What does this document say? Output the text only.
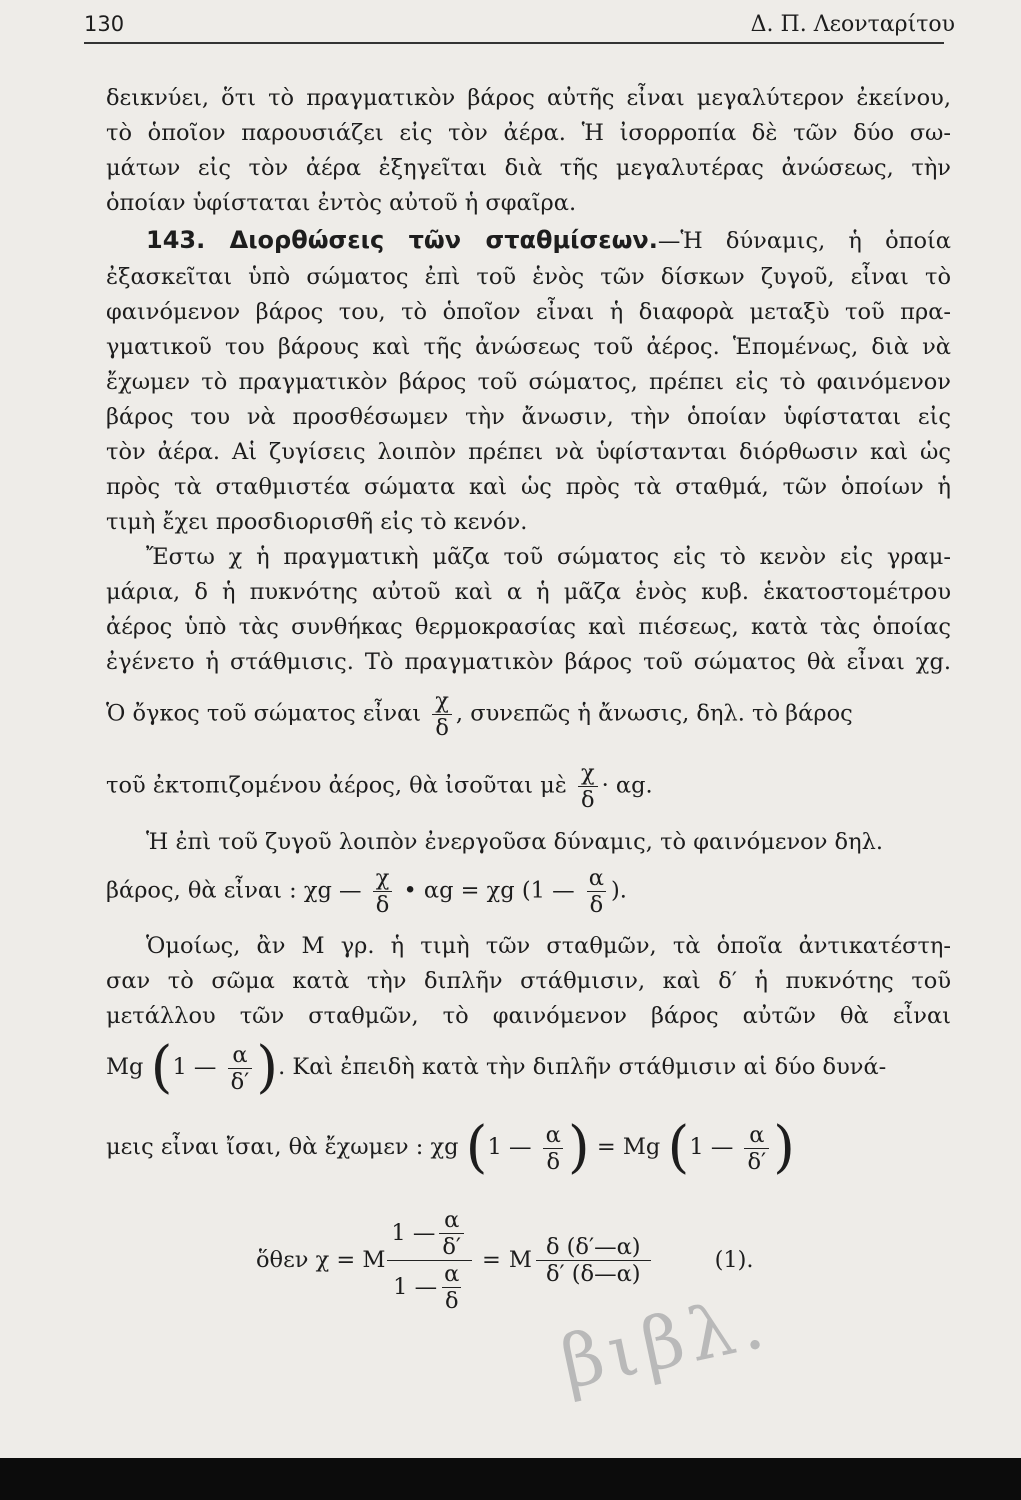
130	Δ. Π. Λεονταρίτου
δεικνύει, ὅτι τὸ πραγματικὸν βάρος αὐτῆς εἶναι μεγαλύτερον ἐκείνου,
τὸ ὁποῖον παρουσιάζει εἰς τὸν ἀέρα. Ἡ ἰσορροπία δὲ τῶν δύο σω-
μάτων εἰς τὸν ἀέρα ἐξηγεῖται διὰ τῆς μεγαλυτέρας ἀνώσεως, τὴν
ὁποίαν ὑφίσταται ἐντὸς αὐτοῦ ἡ σφαῖρα.
143. Διορθώσεις τῶν σταθμίσεων.—Ἡ δύναμις, ἡ ὁποία
ἐξασκεῖται ὑπὸ σώματος ἐπὶ τοῦ ἑνὸς τῶν δίσκων ζυγοῦ, εἶναι τὸ
φαινόμενον βάρος του, τὸ ὁποῖον εἶναι ἡ διαφορὰ μεταξὺ τοῦ πρα-
γματικοῦ του βάρους καὶ τῆς ἀνώσεως τοῦ ἀέρος. Ἑπομένως, διὰ νὰ
ἔχωμεν τὸ πραγματικὸν βάρος τοῦ σώματος, πρέπει εἰς τὸ φαινόμενον
βάρος του νὰ προσθέσωμεν τὴν ἄνωσιν, τὴν ὁποίαν ὑφίσταται εἰς
τὸν ἀέρα. Αἱ ζυγίσεις λοιπὸν πρέπει νὰ ὑφίστανται διόρθωσιν καὶ ὡς
πρὸς τὰ σταθμιστέα σώματα καὶ ὡς πρὸς τὰ σταθμά, τῶν ὁποίων ἡ
τιμὴ ἔχει προσδιορισθῆ εἰς τὸ κενόν.
Ἔστω χ ἡ πραγματικὴ μᾶζα τοῦ σώματος εἰς τὸ κενὸν εἰς γραμ-
μάρια, δ ἡ πυκνότης αὐτοῦ καὶ α ἡ μᾶζα ἑνὸς κυβ. ἑκατοστομέτρου
ἀέρος ὑπὸ τὰς συνθήκας θερμοκρασίας καὶ πιέσεως, κατὰ τὰς ὁποίας
ἐγένετο ἡ στάθμισις. Τὸ πραγματικὸν βάρος τοῦ σώματος θὰ εἶναι χg.
Ὁ ὄγκος τοῦ σώματος εἶναι $\frac{\chi}{\delta}$ , συνεπῶς ἡ ἄνωσις, δηλ. τὸ βάρος
τοῦ ἐκτοπιζομένου ἀέρος, θὰ ἰσοῦται μὲ $\frac{\chi}{\delta} \cdot \alpha g$.
Ἡ ἐπὶ τοῦ ζυγοῦ λοιπὸν ἐνεργοῦσα δύναμις, τὸ φαινόμενον δηλ.
βάρος, θὰ εἶναι : χg — $\frac{\chi}{\delta}$ • αg = χg (1 — $\frac{\alpha}{\delta}$ ).
Ὁμοίως, ἂν M γρ. ἡ τιμὴ τῶν σταθμῶν, τὰ ὁποῖα ἀντικατέστη-
σαν τὸ σῶμα κατὰ τὴν διπλῆν στάθμισιν, καὶ δ′ ἡ πυκνότης τοῦ
μετάλλου τῶν σταθμῶν, τὸ φαινόμενον βάρος αὐτῶν θὰ εἶναι
Mg (1 — $\frac{\alpha}{\delta'}$ ). Καὶ ἐπειδὴ κατὰ τὴν διπλῆν στάθμισιν αἱ δύο δυνά-
μεις εἶναι ἴσαι, θὰ ἔχωμεν : χg (1 — $\frac{\alpha}{\delta}$ ) = Mg (1 — $\frac{\alpha}{\delta'}$ )
ὅθεν χ = M 1 —
α
δ′
1 —
α
δ = M
δ (δ′—α)
δ′ (δ—α)
(1).
βιβλ.
